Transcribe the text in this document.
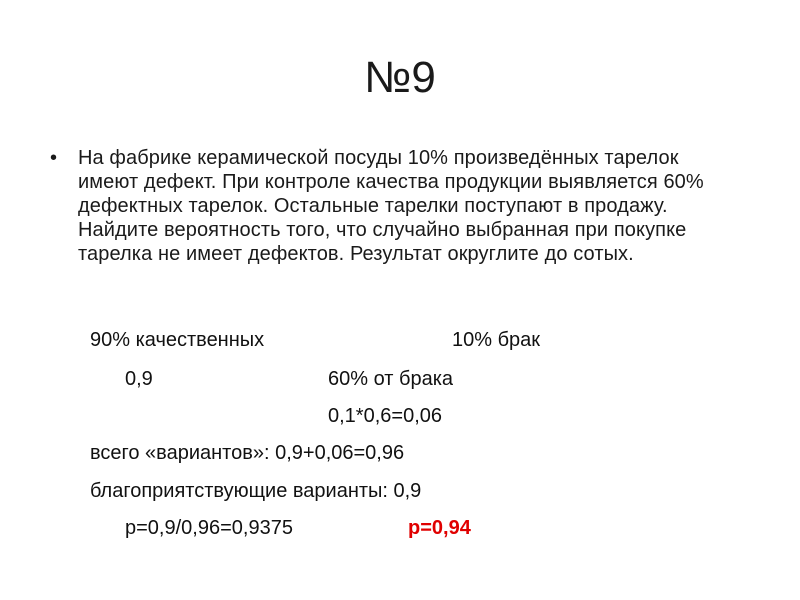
№9
•	На фабрике керамической посуды 10% произведённых тарелок имеют дефект. При контроле качества продукции выявляется 60% дефектных тарелок. Остальные тарелки поступают в продажу. Найдите вероятность того, что случайно выбранная при покупке тарелка не имеет дефектов. Результат округлите до сотых.
90% качественных	10% брак
0,9	60% от брака
0,1*0,6=0,06
всего «вариантов»: 0,9+0,06=0,96
благоприятствующие варианты: 0,9
р=0,9/0,96=0,9375	р=0,94
